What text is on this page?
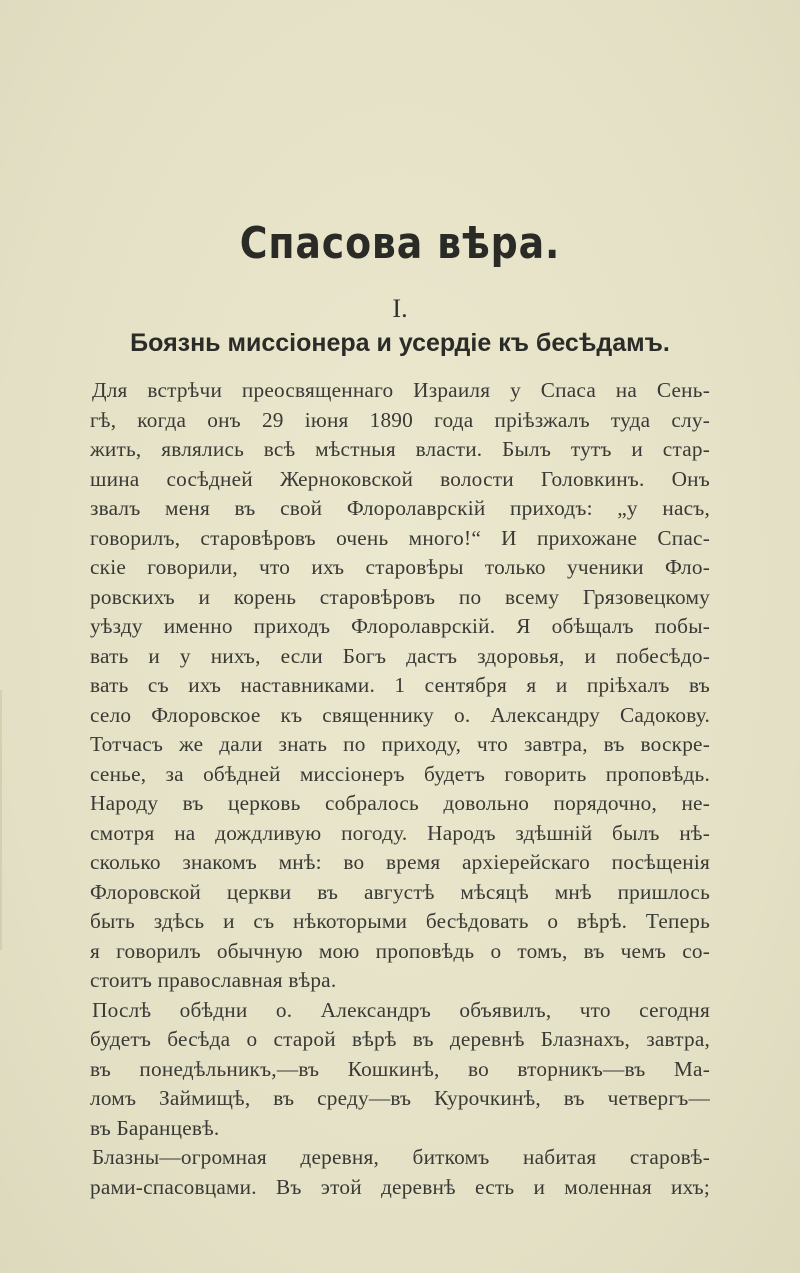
Спасова вѣра.
I.
Боязнь миссіонера и усердіе къ бесѣдамъ.
Для встрѣчи преосвященнаго Израиля у Спаса на Сень-
гѣ, когда онъ 29 іюня 1890 года пріѣзжалъ туда слу-
жить, являлись всѣ мѣстныя власти. Былъ тутъ и стар-
шина сосѣдней Жерноковской волости Головкинъ. Онъ
звалъ меня въ свой Флоролаврскій приходъ: „у насъ,
говорилъ, старовѣровъ очень много!“ И прихожане Спас-
скіе говорили, что ихъ старовѣры только ученики Фло-
ровскихъ и корень старовѣровъ по всему Грязовецкому
уѣзду именно приходъ Флоролаврскій. Я обѣщалъ побы-
вать и у нихъ, если Богъ дастъ здоровья, и побесѣдо-
вать съ ихъ наставниками. 1 сентября я и пріѣхалъ въ
село Флоровское къ священнику о. Александру Садокову.
Тотчасъ же дали знать по приходу, что завтра, въ воскре-
сенье, за обѣдней миссіонеръ будетъ говорить проповѣдь.
Народу въ церковь собралось довольно порядочно, не-
смотря на дождливую погоду. Народъ здѣшній былъ нѣ-
сколько знакомъ мнѣ: во время архіерейскаго посѣщенія
Флоровской церкви въ августѣ мѣсяцѣ мнѣ пришлось
быть здѣсь и съ нѣкоторыми бесѣдовать о вѣрѣ. Теперь
я говорилъ обычную мою проповѣдь о томъ, въ чемъ со-
стоитъ православная вѣра.
Послѣ обѣдни о. Александръ объявилъ, что сегодня
будетъ бесѣда о старой вѣрѣ въ деревнѣ Блазнахъ, завтра,
въ понедѣльникъ,—въ Кошкинѣ, во вторникъ—въ Ма-
ломъ Займищѣ, въ среду—въ Курочкинѣ, въ четвергъ—
въ Баранцевѣ.
Блазны—огромная деревня, биткомъ набитая старовѣ-
рами-спасовцами. Въ этой деревнѣ есть и моленная ихъ;
